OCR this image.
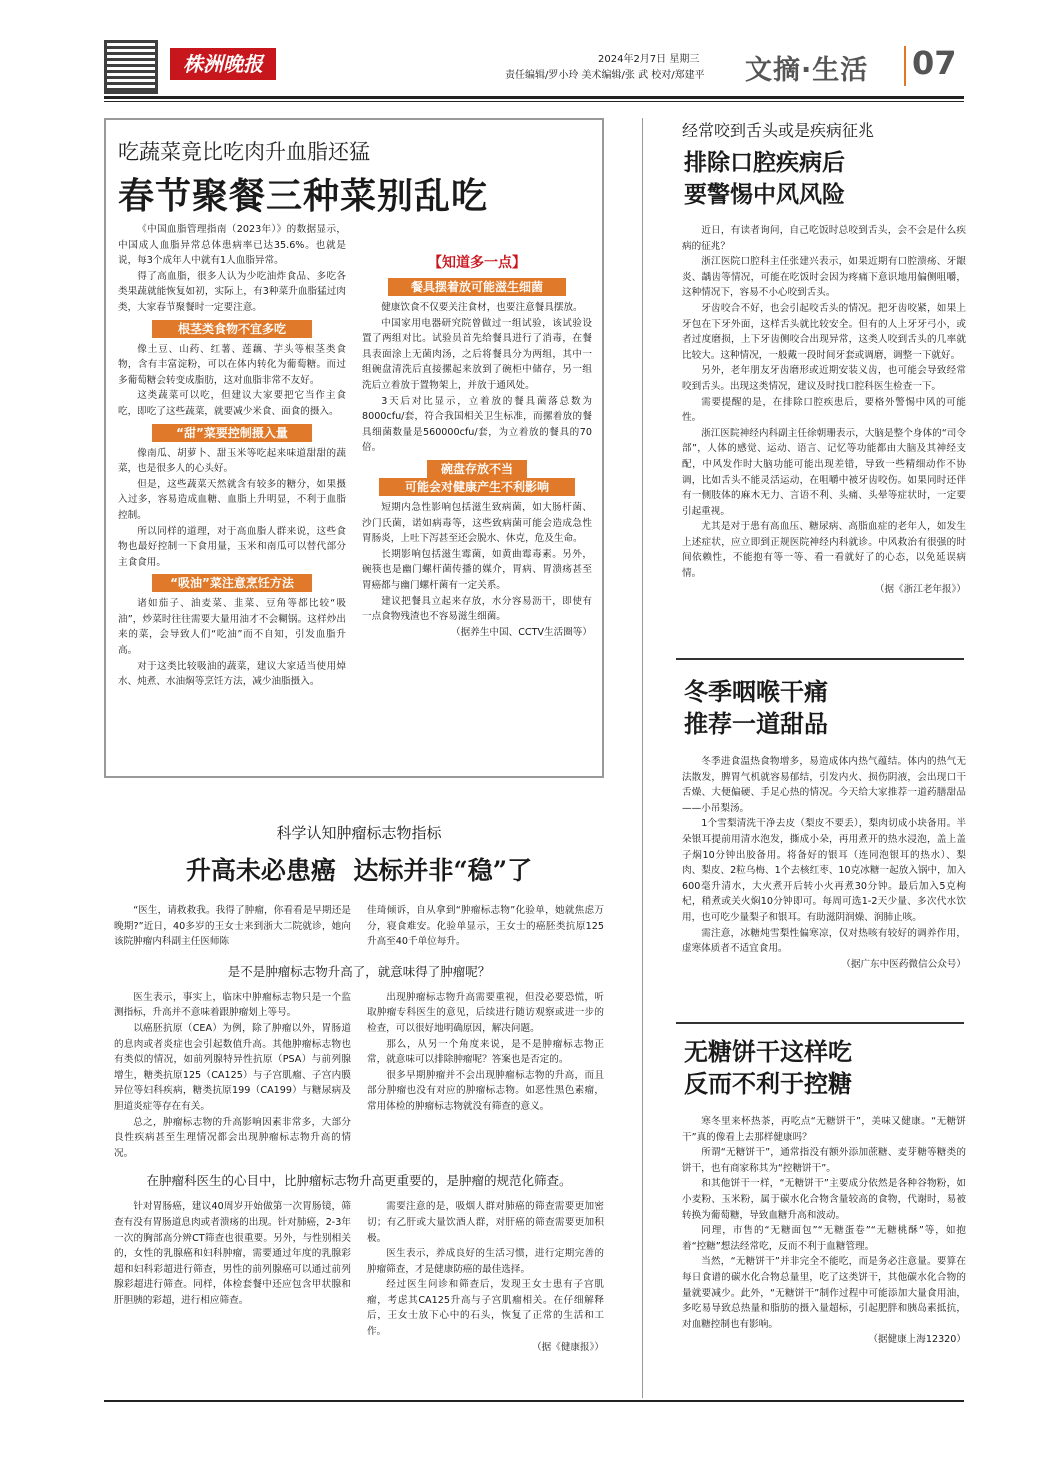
株洲晚报	2024年2月7日 星期三
责任编辑/罗小玲 美术编辑/张 武 校对/郑建平 文摘·生活 07
吃蔬菜竟比吃肉升血脂还猛
春节聚餐三种菜别乱吃

《中国血脂管理指南（2023年）》的数据显示，中国成人血脂异常总体患病率已达35.6%。也就是说，每3个成年人中就有1人血脂异常。

得了高血脂，很多人认为少吃油炸食品、多吃各类果蔬就能恢复如初，实际上，有3种菜升血脂猛过肉类，大家春节聚餐时一定要注意。

根茎类食物不宜多吃

像土豆、山药、红薯、莲藕、芋头等根茎类食物，含有丰富淀粉，可以在体内转化为葡萄糖。而过多葡萄糖会转变成脂肪，这对血脂非常不友好。

这类蔬菜可以吃，但建议大家要把它当作主食吃，即吃了这些蔬菜，就要减少米食、面食的摄入。

“甜”菜要控制摄入量

像南瓜、胡萝卜、甜玉米等吃起来味道甜甜的蔬菜，也是很多人的心头好。

但是，这些蔬菜天然就含有较多的糖分，如果摄入过多，容易造成血糖、血脂上升明显，不利于血脂控制。

所以同样的道理，对于高血脂人群来说，这些食物也最好控制一下食用量，玉米和南瓜可以替代部分主食食用。

“吸油”菜注意烹饪方法

诸如茄子、油麦菜、韭菜、豆角等都比较“吸油”，炒菜时往往需要大量用油才不会糊锅。这样炒出来的菜，会导致人们“吃油”而不自知，引发血脂升高。

对于这类比较吸油的蔬菜，建议大家适当使用焯水、炖煮、水油焖等烹饪方法，减少油脂摄入。

【知道多一点】
餐具摆着放可能滋生细菌

健康饮食不仅要关注食材，也要注意餐具摆放。

中国家用电器研究院曾做过一组试验，该试验设置了两组对比。试验员首先给餐具进行了消毒，在餐具表面涂上无菌肉汤，之后将餐具分为两组，其中一组碗盘清洗后直接摞起来放到了碗柜中储存，另一组洗后立着放于置物架上，并放于通风处。

3天后对比显示，立着放的餐具菌落总数为8000cfu/套，符合我国相关卫生标准，而摞着放的餐具细菌数量是560000cfu/套，为立着放的餐具的70倍。

碗盘存放不当
可能会对健康产生不利影响

短期内急性影响包括滋生致病菌，如大肠杆菌、沙门氏菌，诺如病毒等，这些致病菌可能会造成急性胃肠炎，上吐下泻甚至还会脱水、休克，危及生命。

长期影响包括滋生霉菌，如黄曲霉毒素。另外，碗筷也是幽门螺杆菌传播的媒介，胃病、胃溃疡甚至胃癌都与幽门螺杆菌有一定关系。

建议把餐具立起来存放，水分容易沥干，即使有一点食物残渣也不容易滋生细菌。

（据养生中国、CCTV生活圈等）
经常咬到舌头或是疾病征兆
排除口腔疾病后
要警惕中风风险

近日，有读者询问，自己吃饭时总咬到舌头，会不会是什么疾病的征兆？

浙江医院口腔科主任张建兴表示，如果近期有口腔溃疡、牙龈炎、龋齿等情况，可能在吃饭时会因为疼痛下意识地用偏侧咀嚼，这种情况下，容易不小心咬到舌头。

牙齿咬合不好，也会引起咬舌头的情况。把牙齿咬紧，如果上牙包在下牙外面，这样舌头就比较安全。但有的人上牙牙弓小，或者过度磨损，上下牙齿侧咬合出现异常，这类人咬到舌头的几率就比较大。这种情况，一般戴一段时间牙套或调磨，调整一下就好。

另外，老年朋友牙齿磨形或近期安装义齿，也可能会导致经常咬到舌头。出现这类情况，建议及时找口腔科医生检查一下。

需要提醒的是，在排除口腔疾患后，要格外警惕中风的可能性。

浙江医院神经内科副主任徐朝珊表示，大脑是整个身体的“司令部”，人体的感觉、运动、语言、记忆等功能都由大脑及其神经支配，中风发作时大脑功能可能出现差错，导致一些精细动作不协调，比如舌头不能灵活运动，在咀嚼中被牙齿咬伤。如果同时还伴有一侧肢体的麻木无力、言语不利、头痛、头晕等症状时，一定要引起重视。

尤其是对于患有高血压、糖尿病、高脂血症的老年人，如发生上述症状，应立即到正规医院神经内科就诊。中风救治有很强的时间依赖性，不能抱有等一等、看一看就好了的心态，以免延误病情。

（据《浙江老年报》）
冬季咽喉干痛
推荐一道甜品

冬季进食温热食物增多，易造成体内热气蕴结。体内的热气无法散发，脾胃气机就容易郁结，引发内火、损伤阴液，会出现口干舌燥、大便偏硬、手足心热的情况。今天给大家推荐一道药膳甜品——小吊梨汤。

1个雪梨清洗干净去皮（梨皮不要丢），梨肉切成小块备用。半朵银耳提前用清水泡发，撕成小朵，再用煮开的热水浸泡，盖上盖子焖10分钟出胶备用。将备好的银耳（连同泡银耳的热水）、梨肉、梨皮、2粒乌梅、1个去核红枣、10克冰糖一起放入锅中，加入600毫升清水，大火煮开后转小火再煮30分钟。最后加入5克枸杞，稍煮或关火焖10分钟即可。每周可选1-2天少量、多次代水饮用，也可吃少量梨子和银耳。有助滋阴润燥、润肺止咳。

需注意，冰糖炖雪梨性偏寒凉，仅对热咳有较好的调养作用，虚寒体质者不适宜食用。

（据广东中医药微信公众号）
无糖饼干这样吃
反而不利于控糖

寒冬里来杯热茶，再吃点“无糖饼干”，美味又健康。“无糖饼干”真的像看上去那样健康吗？

所谓“无糖饼干”，通常指没有额外添加蔗糖、麦芽糖等糖类的饼干，也有商家称其为“控糖饼干”。

和其他饼干一样，“无糖饼干”主要成分依然是各种谷物粉，如小麦粉、玉米粉，属于碳水化合物含量较高的食物，代谢时，易被转换为葡萄糖，导致血糖升高和波动。

同理，市售的“无糖面包”“无糖蛋卷”“无糖桃酥”等，如抱着“控糖”想法经常吃，反而不利于血糖管理。

当然，“无糖饼干”并非完全不能吃，而是务必注意量。要算在每日食谱的碳水化合物总量里，吃了这类饼干，其他碳水化合物的量就要减少。此外，“无糖饼干”制作过程中可能添加大量食用油，多吃易导致总热量和脂肪的摄入量超标，引起肥胖和胰岛素抵抗，对血糖控制也有影响。

（据健康上海12320）
科学认知肿瘤标志物指标
升高未必患癌  达标并非“稳”了

“医生，请救救我。我得了肿瘤，你看看是早期还是晚期?”近日，40多岁的王女士来到浙大二院就诊，她向该院肿瘤内科副主任医师陈

佳琦倾诉，自从拿到“肿瘤标志物”化验单，她就焦虑万分，寝食难安。化验单显示，王女士的癌胚类抗原125升高至40千单位每升。

是不是肿瘤标志物升高了，就意味得了肿瘤呢？

医生表示，事实上，临床中肿瘤标志物只是一个监测指标，升高并不意味着跟肿瘤划上等号。

以癌胚抗原（CEA）为例，除了肿瘤以外，胃肠道的息肉或者炎症也会引起数值升高。其他肿瘤标志物也有类似的情况，如前列腺特异性抗原（PSA）与前列腺增生，糖类抗原125（CA125）与子宫肌瘤、子宫内膜异位等妇科疾病，糖类抗原199（CA199）与糖尿病及胆道炎症等存在有关。

总之，肿瘤标志物的升高影响因素非常多，大部分良性疾病甚至生理情况都会出现肿瘤标志物升高的情况。

出现肿瘤标志物升高需要重视，但没必要恐慌，听取肿瘤专科医生的意见，后续进行随访观察或进一步的检查，可以很好地明确原因，解决问题。

那么，从另一个角度来说，是不是肿瘤标志物正常，就意味可以排除肿瘤呢？答案也是否定的。

很多早期肿瘤并不会出现肿瘤标志物的升高，而且部分肿瘤也没有对应的肿瘤标志物。如恶性黑色素瘤，常用体检的肿瘤标志物就没有筛查的意义。

在肿瘤科医生的心目中，比肿瘤标志物升高更重要的，是肿瘤的规范化筛查。

针对胃肠癌，建议40周岁开始做第一次胃肠镜，筛查有没有胃肠道息肉或者溃疡的出现。针对肺癌，2-3年一次的胸部高分辨CT筛查也很重要。另外，与性别相关的，女性的乳腺癌和妇科肿瘤，需要通过年度的乳腺彩超和妇科彩超进行筛查，男性的前列腺癌可以通过前列腺彩超进行筛查。同样，体检套餐中还应包含甲状腺和肝胆胰的彩超，进行相应筛查。

需要注意的是，吸烟人群对肺癌的筛查需要更加密切；有乙肝或大量饮酒人群，对肝癌的筛查需要更加积极。

医生表示，养成良好的生活习惯，进行定期完善的肿瘤筛查，才是健康防癌的最佳选择。

经过医生问诊和筛查后，发现王女士患有子宫肌瘤，考虑其CA125升高与子宫肌瘤相关。在仔细解释后，王女士放下心中的石头，恢复了正常的生活和工作。

（据《健康报》）
